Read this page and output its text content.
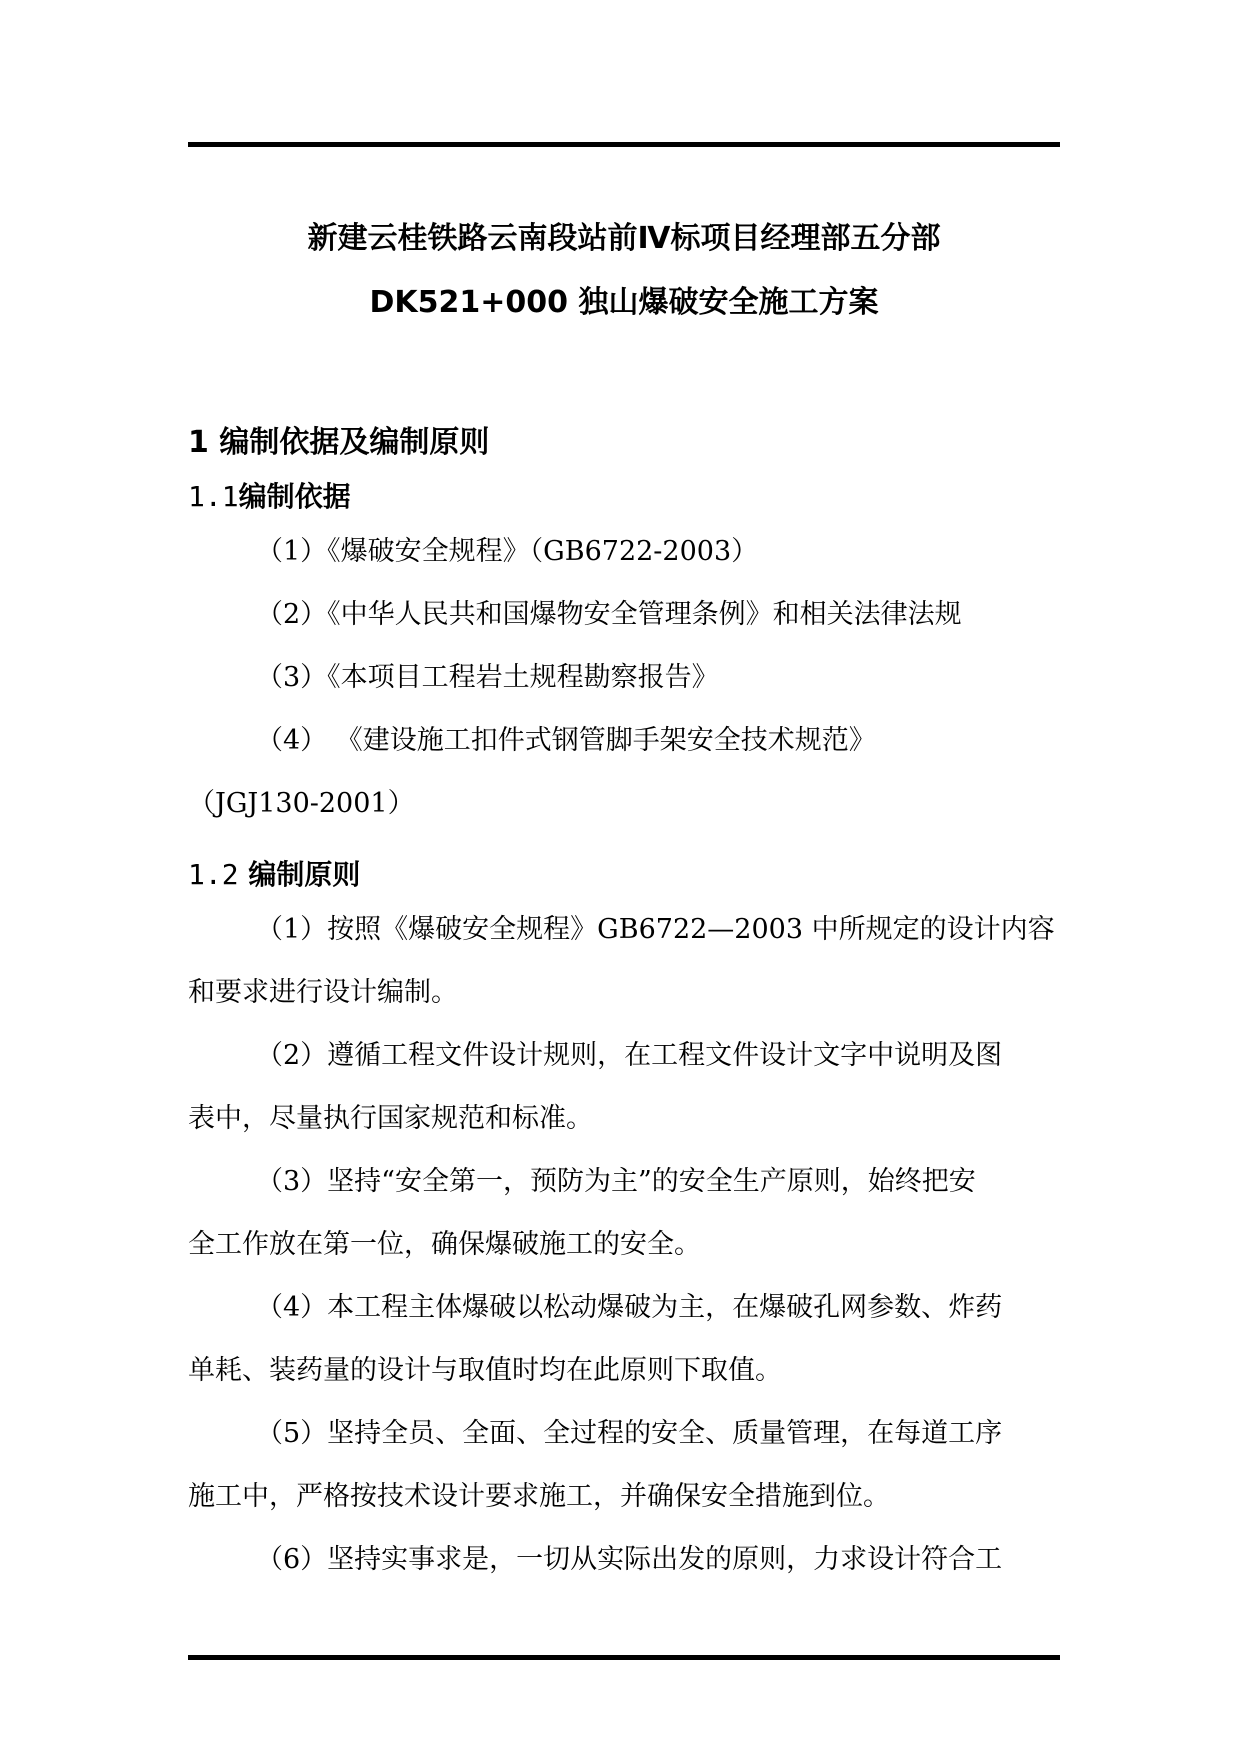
新建云桂铁路云南段站前Ⅳ标项目经理部五分部
DK521+000 独山爆破安全施工方案
1 编制依据及编制原则
1.1编制依据
（1）《爆破安全规程》（GB6722-2003）
（2）《中华人民共和国爆物安全管理条例》和相关法律法规
（3）《本项目工程岩土规程勘察报告》
（4） 《建设施工扣件式钢管脚手架安全技术规范》
（JGJ130-2001）
1.2 编制原则
（1）按照《爆破安全规程》GB6722—2003 中所规定的设计内容
和要求进行设计编制。
（2）遵循工程文件设计规则，在工程文件设计文字中说明及图
表中，尽量执行国家规范和标准。
（3）坚持“安全第一，预防为主”的安全生产原则，始终把安
全工作放在第一位，确保爆破施工的安全。
（4）本工程主体爆破以松动爆破为主，在爆破孔网参数、炸药
单耗、装药量的设计与取值时均在此原则下取值。
（5）坚持全员、全面、全过程的安全、质量管理，在每道工序
施工中，严格按技术设计要求施工，并确保安全措施到位。
（6）坚持实事求是，一切从实际出发的原则，力求设计符合工
